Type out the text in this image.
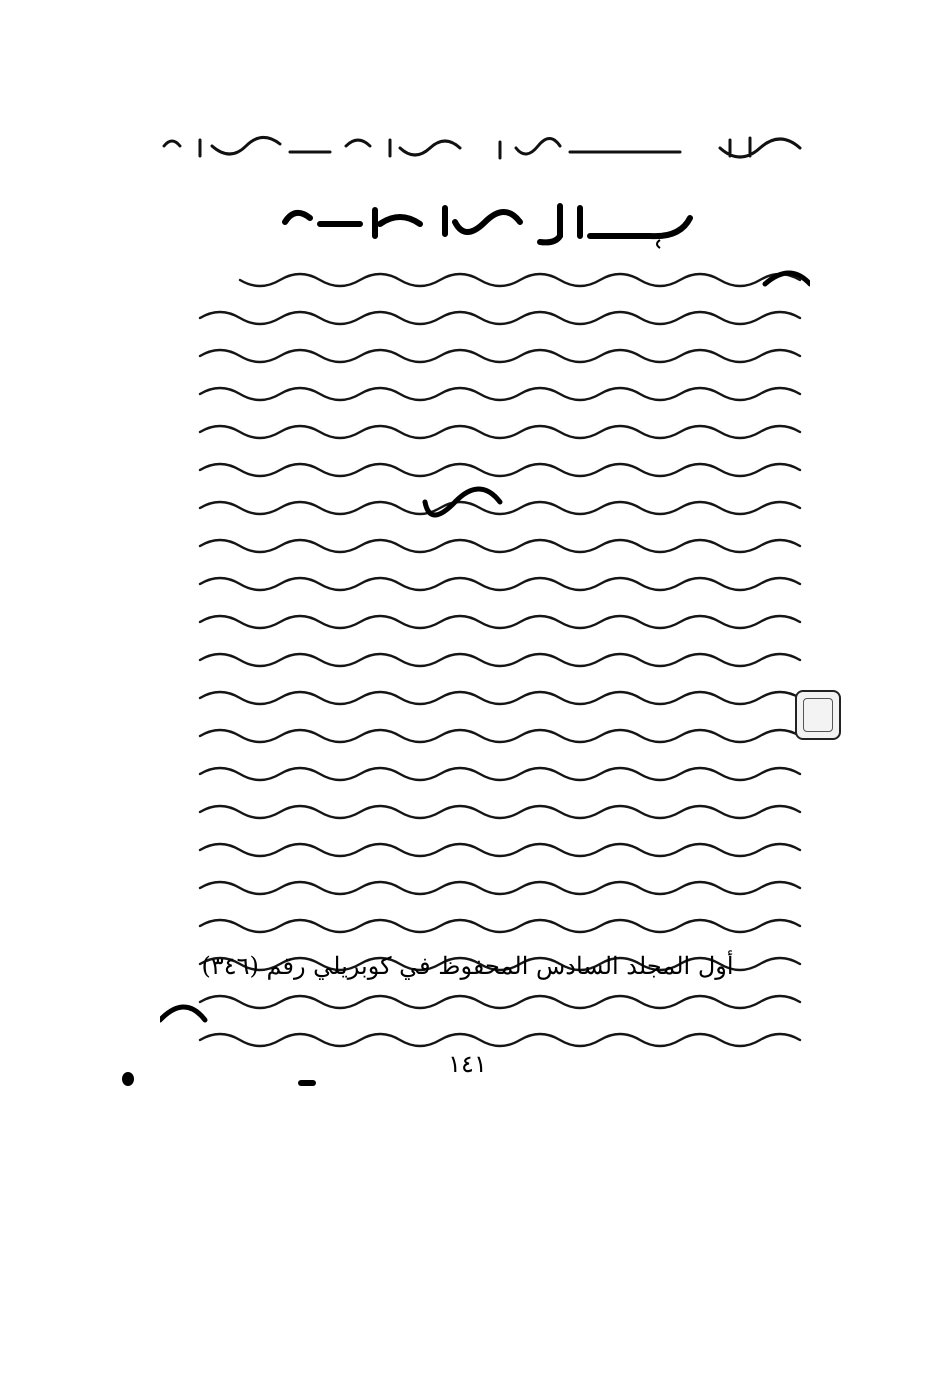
أول المجلد السادس المحفوظ في كوبريلي رقم (٣٤٦)
١٤١
